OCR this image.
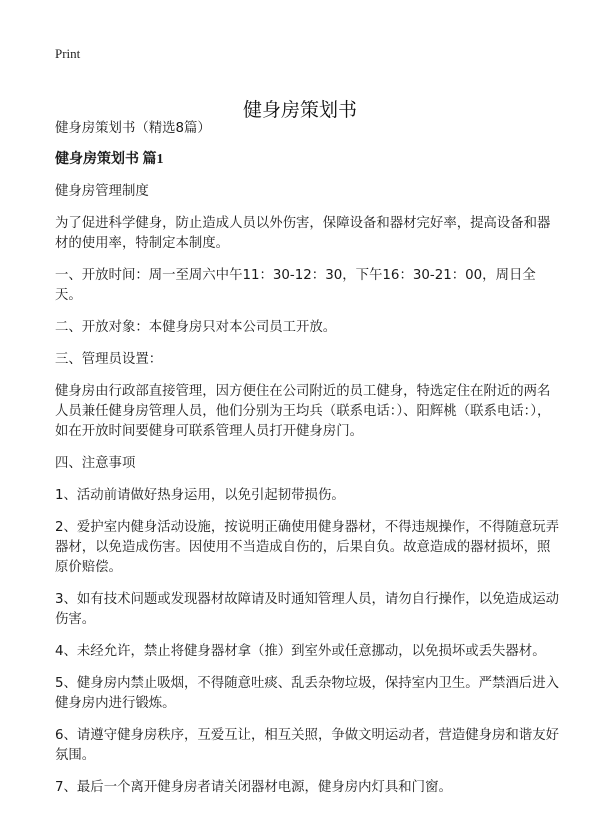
Print
健身房策划书

健身房策划书（精选8篇）

健身房策划书 篇1

健身房管理制度

为了促进科学健身，防止造成人员以外伤害，保障设备和器材完好率，提高设备和器材的使用率，特制定本制度。

一、开放时间：周一至周六中午11：30-12：30，下午16：30-21：00，周日全天。

二、开放对象：本健身房只对本公司员工开放。

三、管理员设置：

健身房由行政部直接管理，因方便住在公司附近的员工健身，特选定住在附近的两名人员兼任健身房管理人员，他们分别为王均兵（联系电话：）、阳辉桃（联系电话：），如在开放时间要健身可联系管理人员打开健身房门。

四、注意事项

1、活动前请做好热身运用，以免引起韧带损伤。

2、爱护室内健身活动设施，按说明正确使用健身器材，不得违规操作，不得随意玩弄器材，以免造成伤害。因使用不当造成自伤的，后果自负。故意造成的器材损坏，照原价赔偿。

3、如有技术问题或发现器材故障请及时通知管理人员，请勿自行操作，以免造成运动伤害。

4、未经允许，禁止将健身器材拿（推）到室外或任意挪动，以免损坏或丢失器材。

5、健身房内禁止吸烟，不得随意吐痰、乱丢杂物垃圾，保持室内卫生。严禁酒后进入健身房内进行锻炼。

6、请遵守健身房秩序，互爱互让，相互关照，争做文明运动者，营造健身房和谐友好氛围。

7、最后一个离开健身房者请关闭器材电源，健身房内灯具和门窗。
